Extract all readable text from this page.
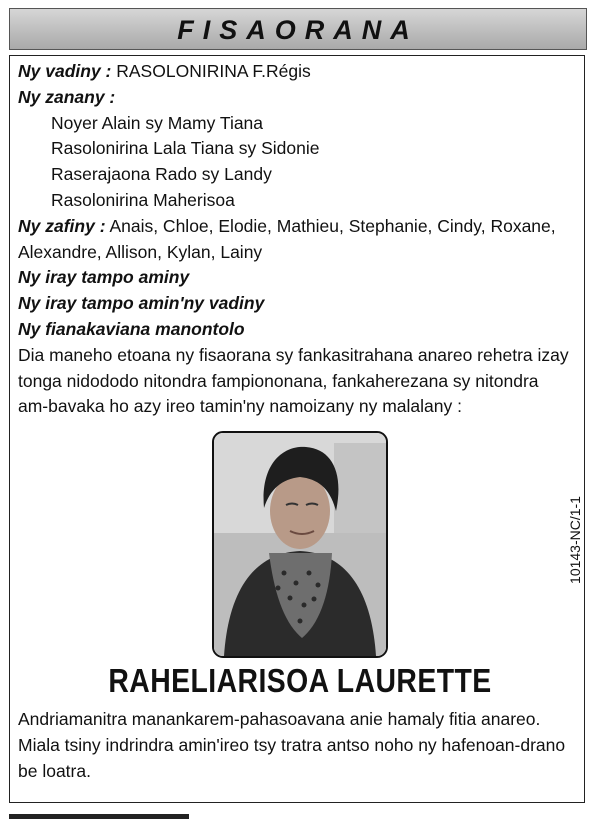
FISAORANA
Ny vadiny : RASOLONIRINA F.Régis
Ny zanany :
Noyer Alain sy Mamy Tiana
Rasolonirina Lala Tiana sy Sidonie
Raserajaona Rado sy Landy
Rasolonirina Maherisoa
Ny zafiny : Anais, Chloe, Elodie, Mathieu, Stephanie, Cindy, Roxane,
Alexandre, Allison, Kylan, Lainy
Ny iray tampo aminy
Ny iray tampo amin'ny vadiny
Ny fianakaviana manontolo
Dia maneho etoana ny fisaorana sy fankasitrahana anareo rehetra izay
tonga nidododo nitondra fampiononana, fankaherezana sy nitondra
am-bavaka ho azy ireo tamin'ny namoizany ny malalany :
10143-NC/1-1
RAHELIARISOA LAURETTE
Andriamanitra manankarem-pahasoavana anie hamaly fitia anareo.
Miala tsiny indrindra amin'ireo tsy tratra antso noho ny hafenoan-drano
be loatra.
